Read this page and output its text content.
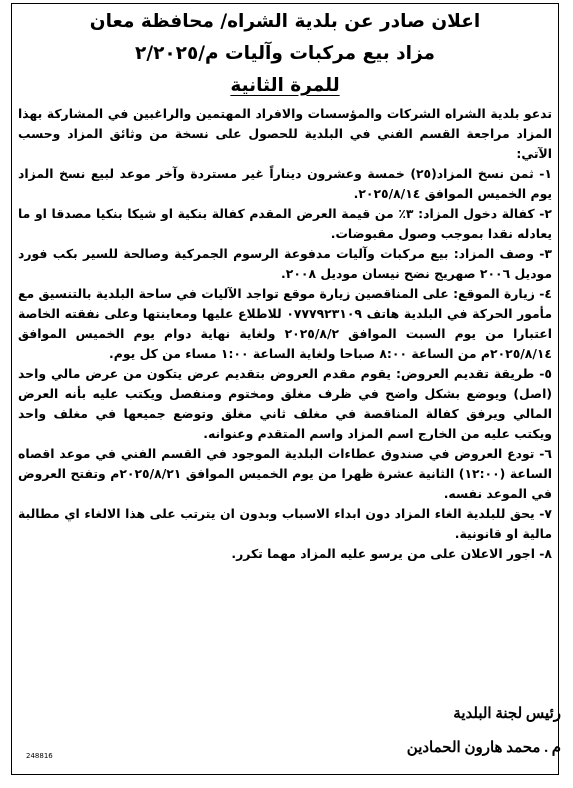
اعلان صادر عن بلدية الشراه/ محافظة معان
مزاد بيع مركبات وآليات م/٢/٢٠٢٥
للمرة الثانية

تدعو بلدية الشراه الشركات والمؤسسات والافراد المهتمين والراغبين في المشاركة بهذا المزاد مراجعة القسم الفني في البلدية للحصول على نسخة من وثائق المزاد وحسب الآتي:

١- ثمن نسخ المزاد(٢٥) خمسة وعشرون ديناراً غير مستردة وآخر موعد لبيع نسخ المزاد يوم الخميس الموافق ٢٠٢٥/٨/١٤.

٢- كفالة دخول المزاد: ٣٪ من قيمة العرض المقدم كفالة بنكية او شيكا بنكيا مصدقا او ما يعادله نقدا بموجب وصول مقبوضات.

٣- وصف المزاد: بيع مركبات وآليات مدفوعة الرسوم الجمركية وصالحة للسير بكب فورد موديل ٢٠٠٦ صهريج نضح نيسان موديل ٢٠٠٨.

٤- زيارة الموقع: على المناقصين زيارة موقع تواجد الآليات في ساحة البلدية بالتنسيق مع مأمور الحركة في البلدية هاتف ٠٧٧٧٩٢٣١٠٩ للاطلاع عليها ومعاينتها وعلى نفقته الخاصة اعتبارا من يوم السبت الموافق ٢٠٢٥/٨/٢ ولغاية نهاية دوام يوم الخميس الموافق ٢٠٢٥/٨/١٤م من الساعة ٨:٠٠ صباحا ولغاية الساعة ١:٠٠ مساء من كل يوم.

٥- طريقة تقديم العروض: يقوم مقدم العروض بتقديم عرض يتكون من عرض مالي واحد (اصل) ويوضع بشكل واضح في ظرف مغلق ومختوم ومنفصل ويكتب عليه بأنه العرض المالي ويرفق كفالة المناقصة في مغلف ثاني مغلق وتوضع جميعها في مغلف واحد ويكتب عليه من الخارج اسم المزاد واسم المتقدم وعنوانه.

٦- تودع العروض في صندوق عطاءات البلدية الموجود في القسم الفني في موعد اقصاه الساعة (١٢:٠٠) الثانية عشرة ظهرا من يوم الخميس الموافق ٢٠٢٥/٨/٢١م وتفتح العروض في الموعد نفسه.

٧- يحق للبلدية الغاء المزاد دون ابداء الاسباب وبدون ان يترتب على هذا الالغاء اي مطالبة مالية او قانونية.

٨- اجور الاعلان على من يرسو عليه المزاد مهما تكرر.

رئيس لجنة البلدية
م . محمد هارون الحمادين
248816
